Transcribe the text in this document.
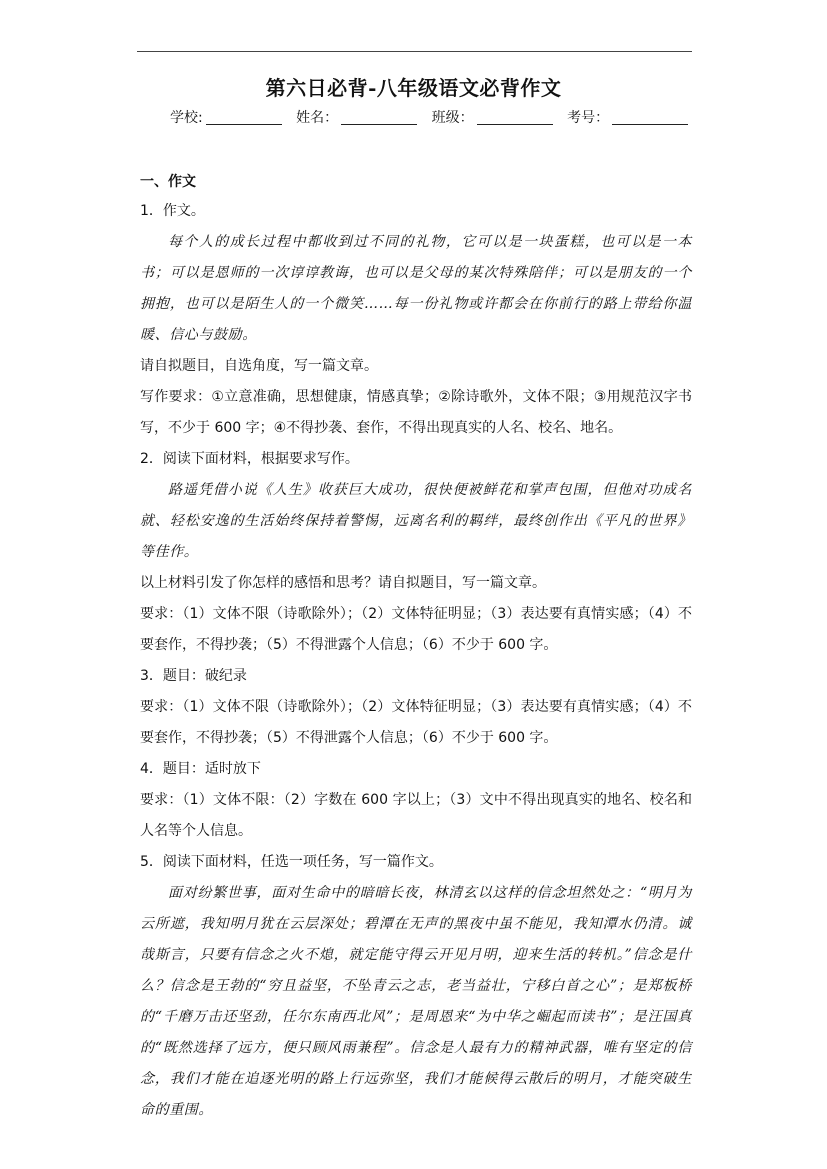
第六日必背-八年级语文必背作文
学校:	姓名：	班级：	考号：

一、作文

1．作文。

每个人的成长过程中都收到过不同的礼物，它可以是一块蛋糕，也可以是一本书；可以是恩师的一次谆谆教诲，也可以是父母的某次特殊陪伴；可以是朋友的一个拥抱，也可以是陌生人的一个微笑……每一份礼物或许都会在你前行的路上带给你温暖、信心与鼓励。

请自拟题目，自选角度，写一篇文章。

写作要求：①立意准确，思想健康，情感真挚；②除诗歌外，文体不限；③用规范汉字书写，不少于 600 字；④不得抄袭、套作，不得出现真实的人名、校名、地名。

2．阅读下面材料，根据要求写作。

路遥凭借小说《人生》收获巨大成功，很快便被鲜花和掌声包围，但他对功成名就、轻松安逸的生活始终保持着警惕，远离名利的羁绊，最终创作出《平凡的世界》等佳作。

以上材料引发了你怎样的感悟和思考？请自拟题目，写一篇文章。

要求：（1）文体不限（诗歌除外）；（2）文体特征明显；（3）表达要有真情实感；（4）不要套作，不得抄袭；（5）不得泄露个人信息；（6）不少于 600 字。

3．题目：破纪录

要求：（1）文体不限（诗歌除外）；（2）文体特征明显；（3）表达要有真情实感；（4）不要套作，不得抄袭；（5）不得泄露个人信息；（6）不少于 600 字。

4．题目：适时放下

要求：（1）文体不限：（2）字数在 600 字以上；（3）文中不得出现真实的地名、校名和人名等个人信息。

5．阅读下面材料，任选一项任务，写一篇作文。

面对纷繁世事，面对生命中的暗暗长夜，林清玄以这样的信念坦然处之：“明月为云所遮，我知明月犹在云层深处；碧潭在无声的黑夜中虽不能见，我知潭水仍清。诚哉斯言，只要有信念之火不熄，就定能守得云开见月明，迎来生活的转机。”信念是什么？信念是王勃的“穷且益坚，不坠青云之志，老当益壮，宁移白首之心”；是郑板桥的“千磨万击还坚劲，任尔东南西北风”；是周恩来“为中华之崛起而读书”；是汪国真的“既然选择了远方，便只顾风雨兼程”。信念是人最有力的精神武器，唯有坚定的信念，我们才能在追逐光明的路上行远弥坚，我们才能候得云散后的明月，才能突破生命的重围。
